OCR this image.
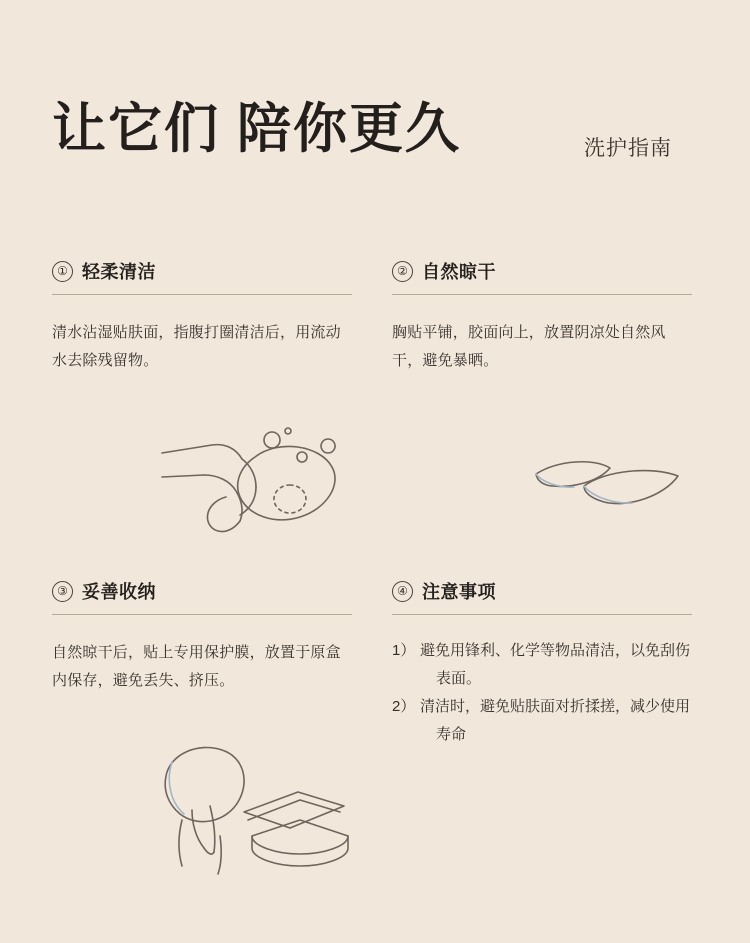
让它们 陪你更久	洗护指南
① 轻柔清洁
清水沾湿贴肤面，指腹打圈清洁后，用流动水去除残留物。
② 自然晾干
胸贴平铺，胶面向上，放置阴凉处自然风干，避免暴晒。
③ 妥善收纳
自然晾干后，贴上专用保护膜，放置于原盒内保存，避免丢失、挤压。
④ 注意事项
1） 避免用锋利、化学等物品清洁，以免刮伤
表面。
2） 清洁时，避免贴肤面对折揉搓，减少使用
寿命
